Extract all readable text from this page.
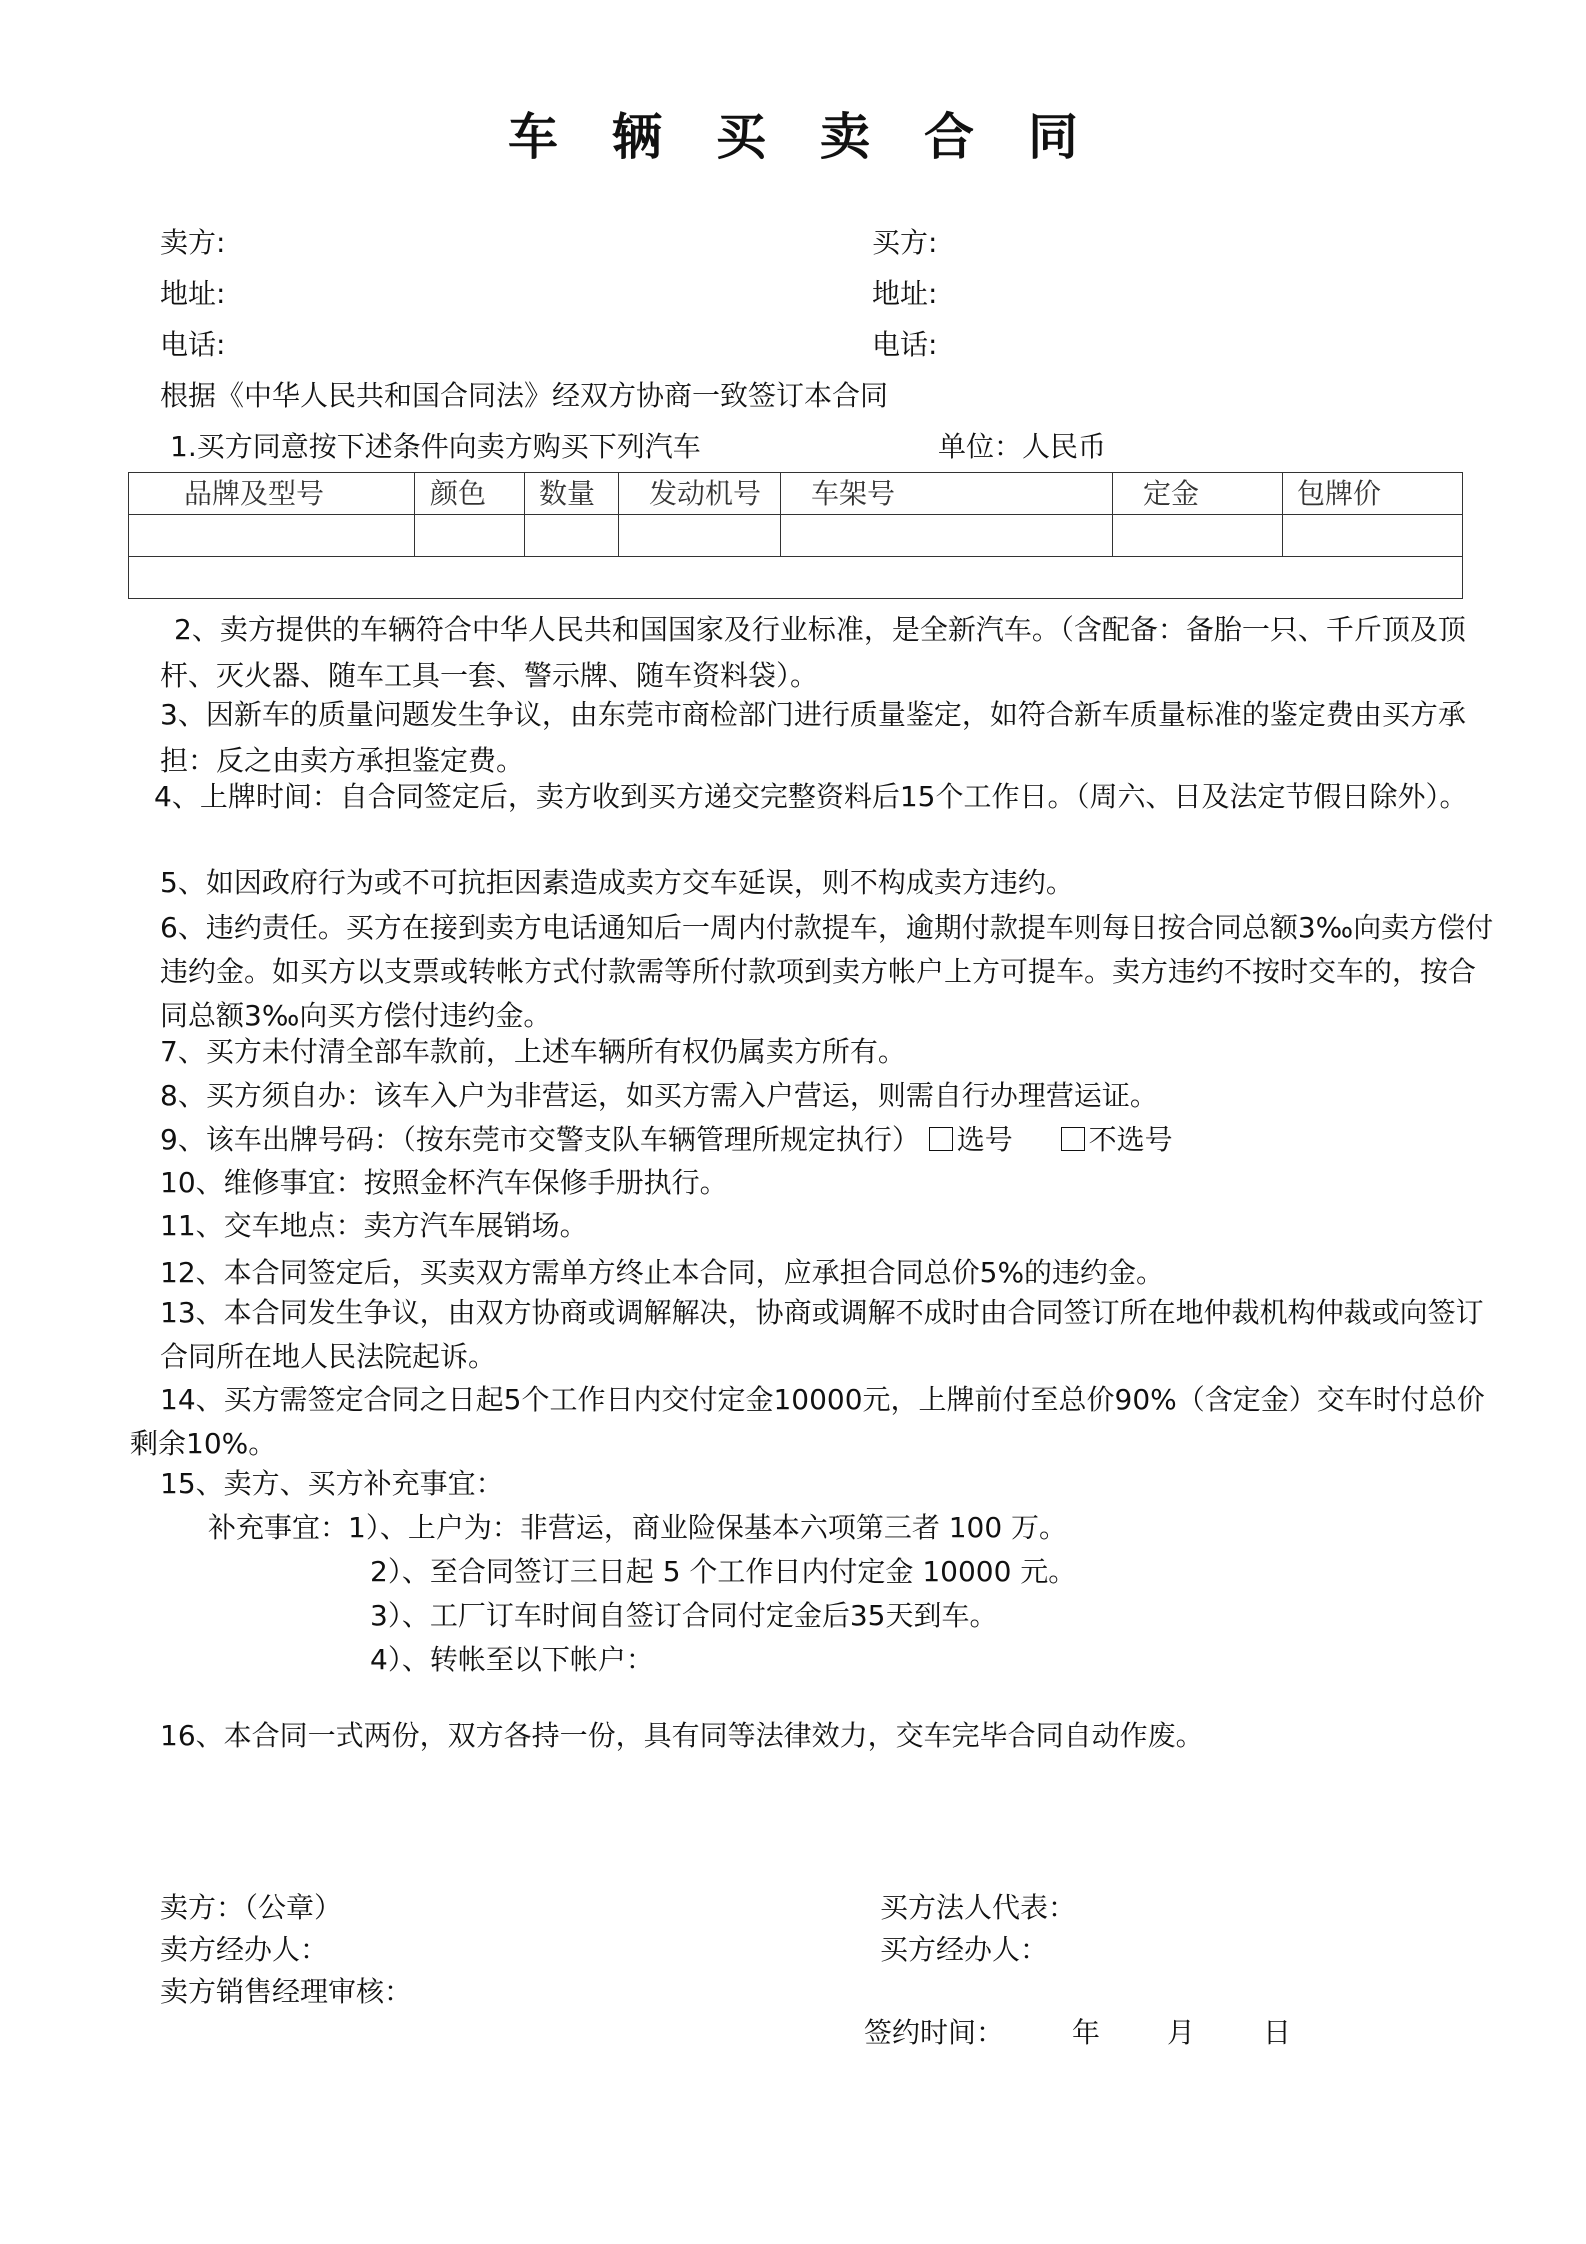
车辆买卖合同
卖方:	买方:
地址:	地址:
电话:	电话:
根据《中华人民共和国合同法》经双方协商一致签订本合同
1.买方同意按下述条件向卖方购买下列汽车	单位：人民币
品牌及型号	颜色	数量	发动机号	车架号	定金	包牌价

2、卖方提供的车辆符合中华人民共和国国家及行业标准，是全新汽车。（含配备：备胎一只、千斤顶及顶杆、灭火器、随车工具一套、警示牌、随车资料袋）。
3、因新车的质量问题发生争议，由东莞市商检部门进行质量鉴定，如符合新车质量标准的鉴定费由买方承担：反之由卖方承担鉴定费。
4、上牌时间：自合同签定后，卖方收到买方递交完整资料后15个工作日。（周六、日及法定节假日除外）。
5、如因政府行为或不可抗拒因素造成卖方交车延误，则不构成卖方违约。
6、违约责任。买方在接到卖方电话通知后一周内付款提车，逾期付款提车则每日按合同总额3‰向卖方偿付违约金。如买方以支票或转帐方式付款需等所付款项到卖方帐户上方可提车。卖方违约不按时交车的，按合同总额3‰向买方偿付违约金。
7、买方未付清全部车款前，上述车辆所有权仍属卖方所有。
8、买方须自办：该车入户为非营运，如买方需入户营运，则需自行办理营运证。
9、该车出牌号码：（按东莞市交警支队车辆管理所规定执行） 选号	不选号
10、维修事宜：按照金杯汽车保修手册执行。
11、交车地点：卖方汽车展销场。
12、本合同签定后，买卖双方需单方终止本合同，应承担合同总价5%的违约金。
13、本合同发生争议，由双方协商或调解解决，协商或调解不成时由合同签订所在地仲裁机构仲裁或向签订合同所在地人民法院起诉。
14、买方需签定合同之日起5个工作日内交付定金10000元，上牌前付至总价90%（含定金）交车时付总价剩余10%。
15、卖方、买方补充事宜：
补充事宜：1）、上户为：非营运，商业险保基本六项第三者 100 万。
2）、至合同签订三日起 5 个工作日内付定金 10000 元。
3）、工厂订车时间自签订合同付定金后35天到车。
4）、转帐至以下帐户：
16、本合同一式两份，双方各持一份，具有同等法律效力，交车完毕合同自动作废。
卖方：（公章）	买方法人代表：
卖方经办人：	买方经办人：
卖方销售经理审核：
签约时间： 年 月 日
